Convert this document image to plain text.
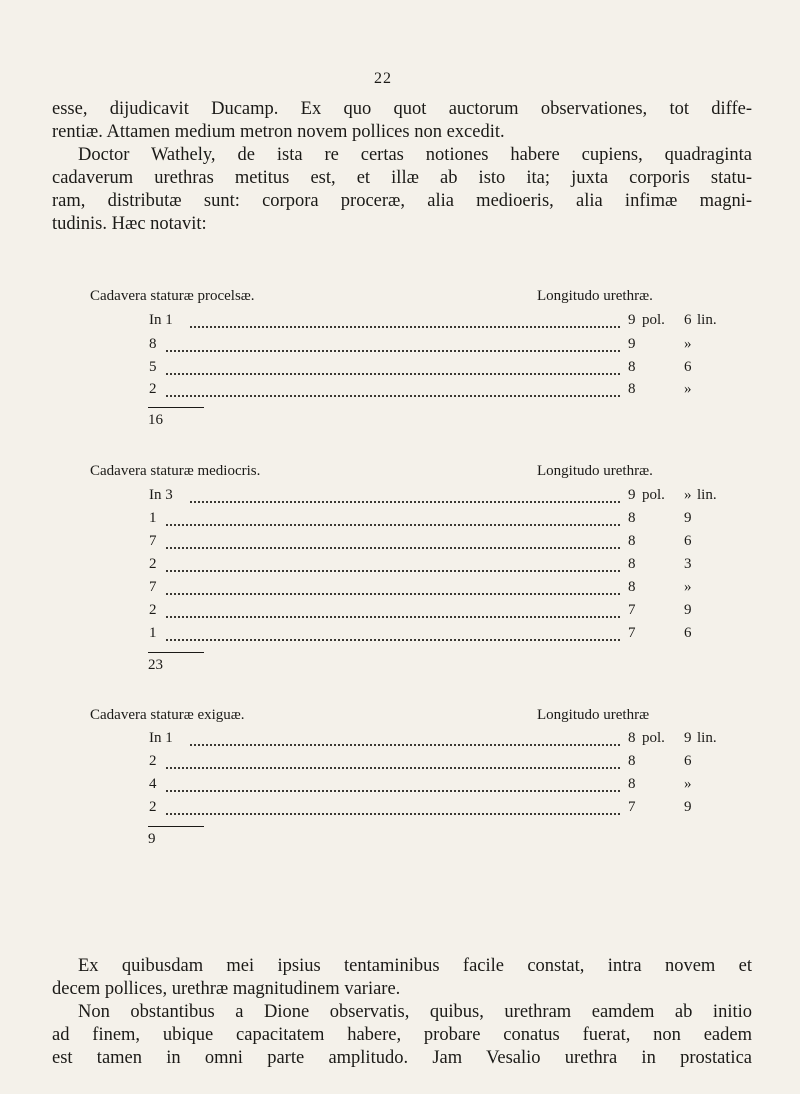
22
esse, dijudicavit Ducamp. Ex quo quot auctorum observationes, tot diffe-
rentiæ. Attamen medium metron novem pollices non excedit.
Doctor Wathely, de ista re certas notiones habere cupiens, quadraginta
cadaverum urethras metitus est, et illæ ab isto ita; juxta corporis statu-
ram, distributæ sunt: corpora proceræ, alia medioeris, alia infimæ magni-
tudinis. Hæc notavit:
Cadavera staturæ procelsæ.	Longitudo urethræ.
In 1	9 pol. 6 lin.
8	9	»
5	8	6
2	8	»
16
Cadavera staturæ mediocris.	Longitudo urethræ.
In 3	9 pol. » lin.
1	8	9
7	8	6
2	8	3
7	8	»
2	7	9
1	7	6
23
Cadavera staturæ exiguæ.	Longitudo urethræ
In 1	8 pol. 9 lin.
2	8	6
4	8	»
2	7	9
9
Ex quibusdam mei ipsius tentaminibus facile constat, intra novem et
decem pollices, urethræ magnitudinem variare.
Non obstantibus a Dione observatis, quibus, urethram eamdem ab initio
ad finem, ubique capacitatem habere, probare conatus fuerat, non eadem
est tamen in omni parte amplitudo. Jam Vesalio urethra in prostatica
